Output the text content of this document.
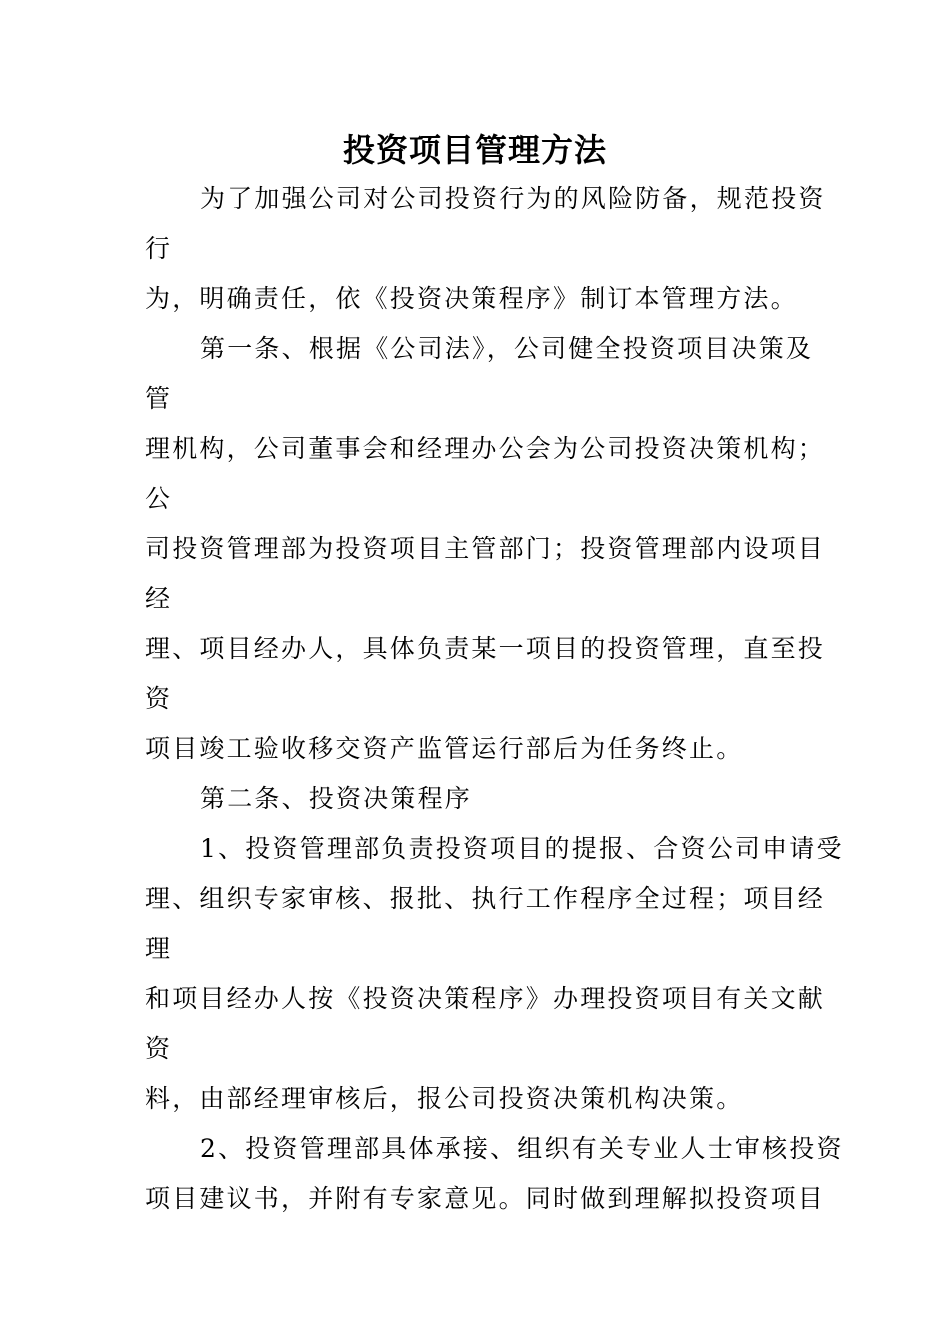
投资项目管理方法
为了加强公司对公司投资行为的风险防备，规范投资
行
为，明确责任，依《投资决策程序》制订本管理方法。
第一条、根据《公司法》，公司健全投资项目决策及
管
理机构，公司董事会和经理办公会为公司投资决策机构；
公
司投资管理部为投资项目主管部门；投资管理部内设项目
经
理、项目经办人，具体负责某一项目的投资管理，直至投
资
项目竣工验收移交资产监管运行部后为任务终止。
第二条、投资决策程序
1、投资管理部负责投资项目的提报、合资公司申请受
理、组织专家审核、报批、执行工作程序全过程；项目经
理
和项目经办人按《投资决策程序》办理投资项目有关文献
资
料，由部经理审核后，报公司投资决策机构决策。
2、投资管理部具体承接、组织有关专业人士审核投资
项目建议书，并附有专家意见。同时做到理解拟投资项目
